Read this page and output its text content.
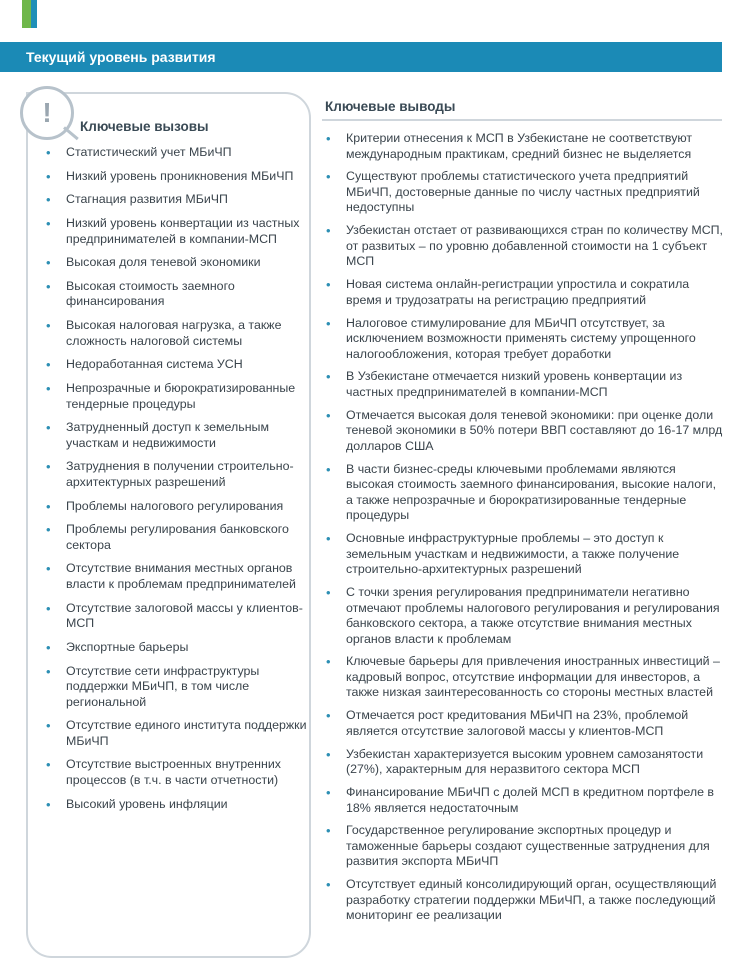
Текущий уровень развития
! Ключевые вызовы
• Статистический учет МБиЧП
• Низкий уровень проникновения МБиЧП
• Стагнация развития МБиЧП
• Низкий уровень конвертации из частных предпринимателей в компании-МСП
• Высокая доля теневой экономики
• Высокая стоимость заемного финансирования
• Высокая налоговая нагрузка, а также сложность налоговой системы
• Недоработанная система УСН
• Непрозрачные и бюрократизированные тендерные процедуры
• Затрудненный доступ к земельным участкам и недвижимости
• Затруднения в получении строительно-архитектурных разрешений
• Проблемы налогового регулирования
• Проблемы регулирования банковского сектора
• Отсутствие внимания местных органов власти к проблемам предпринимателей
• Отсутствие залоговой массы у клиентов-МСП
• Экспортные барьеры
• Отсутствие сети инфраструктуры поддержки МБиЧП, в том числе региональной
• Отсутствие единого института поддержки МБиЧП
• Отсутствие выстроенных внутренних процессов (в т.ч. в части отчетности)
• Высокий уровень инфляции
Ключевые выводы
• Критерии отнесения к МСП в Узбекистане не соответствуют международным практикам, средний бизнес не выделяется
• Существуют проблемы статистического учета предприятий МБиЧП, достоверные данные по числу частных предприятий недоступны
• Узбекистан отстает от развивающихся стран по количеству МСП, от развитых – по уровню добавленной стоимости на 1 субъект МСП
• Новая система онлайн-регистрации упростила и сократила время и трудозатраты на регистрацию предприятий
• Налоговое стимулирование для МБиЧП отсутствует, за исключением возможности применять систему упрощенного налогообложения, которая требует доработки
• В Узбекистане отмечается низкий уровень конвертации из частных предпринимателей в компании-МСП
• Отмечается высокая доля теневой экономики: при оценке доли теневой экономики в 50% потери ВВП составляют до 16-17 млрд долларов США
• В части бизнес-среды ключевыми проблемами являются высокая стоимость заемного финансирования, высокие налоги, а также непрозрачные и бюрократизированные тендерные процедуры
• Основные инфраструктурные проблемы – это доступ к земельным участкам и недвижимости, а также получение строительно-архитектурных разрешений
• С точки зрения регулирования предприниматели негативно отмечают проблемы налогового регулирования и регулирования банковского сектора, а также отсутствие внимания местных органов власти к проблемам
• Ключевые барьеры для привлечения иностранных инвестиций – кадровый вопрос, отсутствие информации для инвесторов, а также низкая заинтересованность со стороны местных властей
• Отмечается рост кредитования МБиЧП на 23%, проблемой является отсутствие залоговой массы у клиентов-МСП
• Узбекистан характеризуется высоким уровнем самозанятости (27%), характерным для неразвитого сектора МСП
• Финансирование МБиЧП с долей МСП в кредитном портфеле в 18% является недостаточным
• Государственное регулирование экспортных процедур и таможенные барьеры создают существенные затруднения для развития экспорта МБиЧП
• Отсутствует единый консолидирующий орган, осуществляющий разработку стратегии поддержки МБиЧП, а также последующий мониторинг ее реализации
